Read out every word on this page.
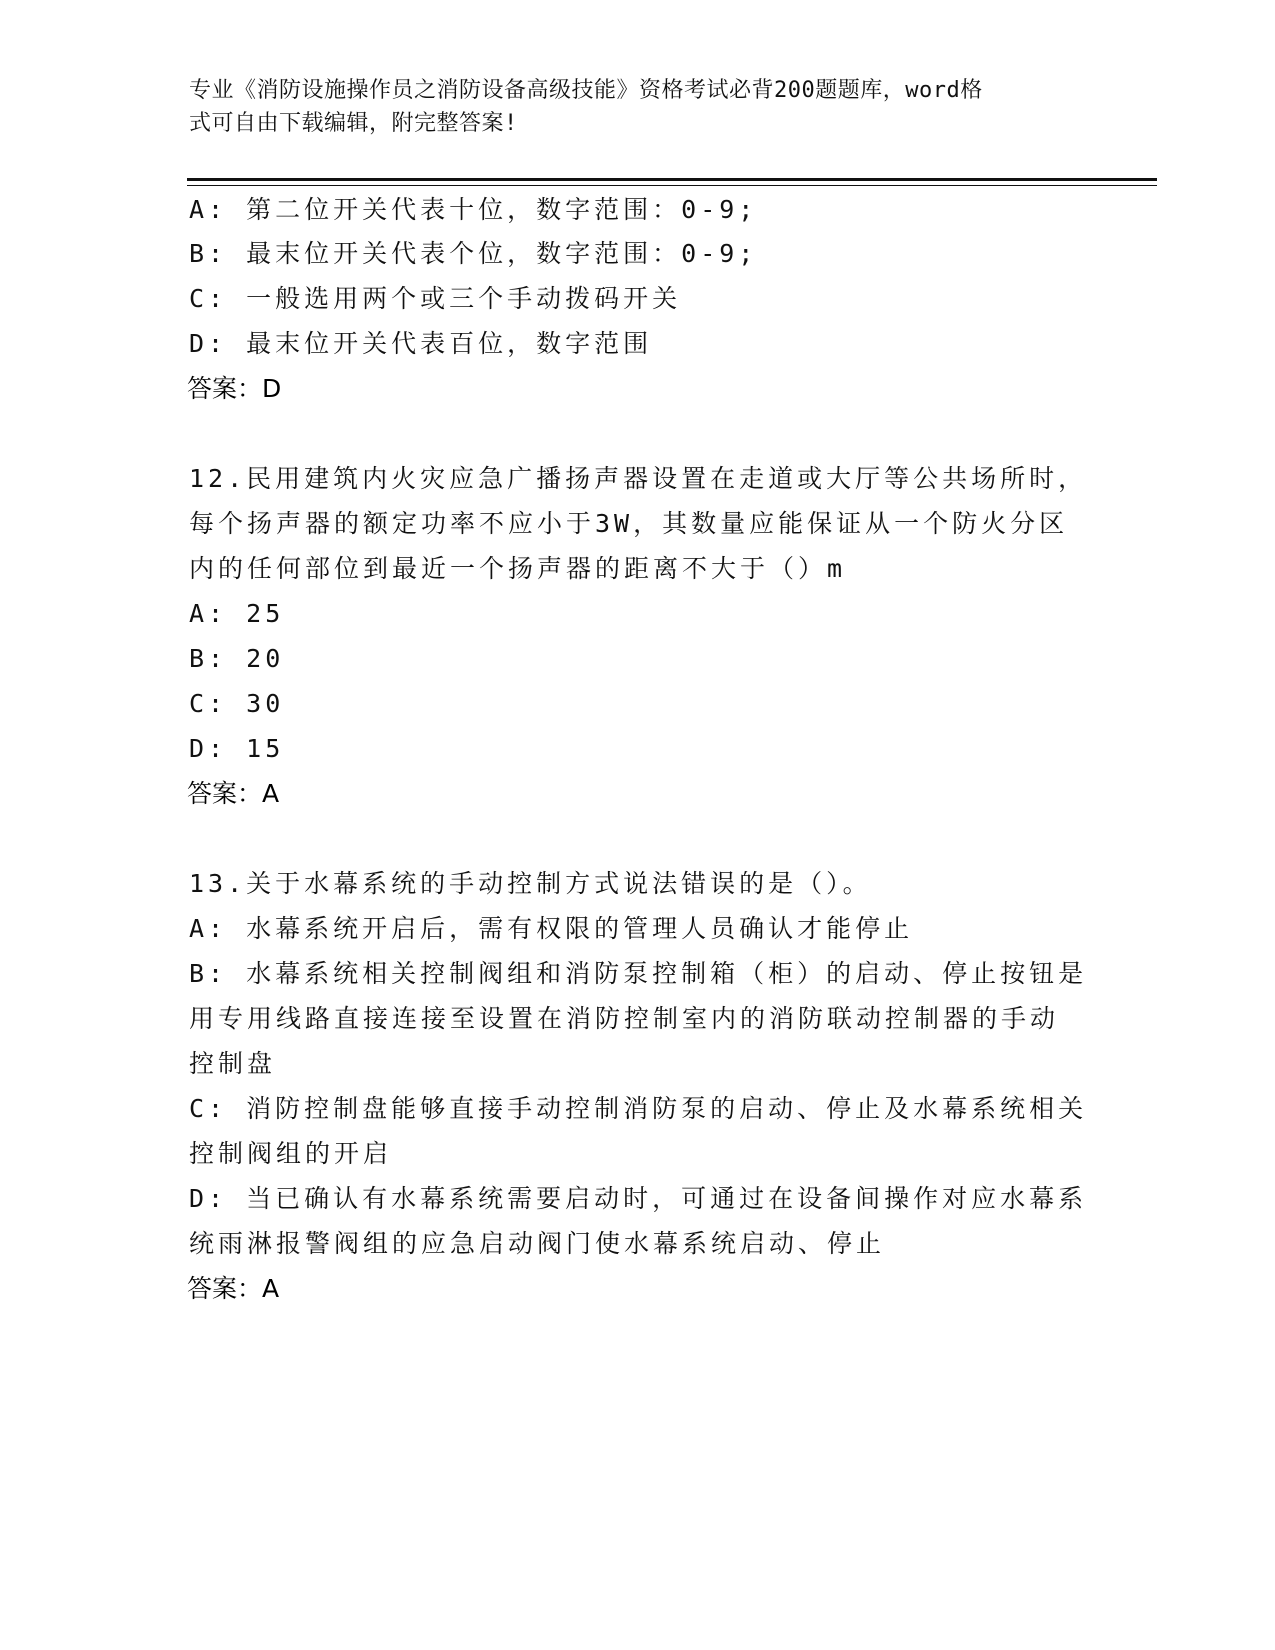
专业《消防设施操作员之消防设备高级技能》资格考试必背200题题库，word格
式可自由下载编辑，附完整答案!
A: 第二位开关代表十位，数字范围：0-9;
B: 最末位开关代表个位，数字范围：0-9;
C: 一般选用两个或三个手动拨码开关
D: 最末位开关代表百位，数字范围
答案：D
12.民用建筑内火灾应急广播扬声器设置在走道或大厅等公共场所时，
每个扬声器的额定功率不应小于3W，其数量应能保证从一个防火分区
内的任何部位到最近一个扬声器的距离不大于（）m
A: 25
B: 20
C: 30
D: 15
答案：A
13.关于水幕系统的手动控制方式说法错误的是（）。
A: 水幕系统开启后，需有权限的管理人员确认才能停止
B: 水幕系统相关控制阀组和消防泵控制箱（柜）的启动、停止按钮是
用专用线路直接连接至设置在消防控制室内的消防联动控制器的手动
控制盘
C: 消防控制盘能够直接手动控制消防泵的启动、停止及水幕系统相关
控制阀组的开启
D: 当已确认有水幕系统需要启动时，可通过在设备间操作对应水幕系
统雨淋报警阀组的应急启动阀门使水幕系统启动、停止
答案：A
